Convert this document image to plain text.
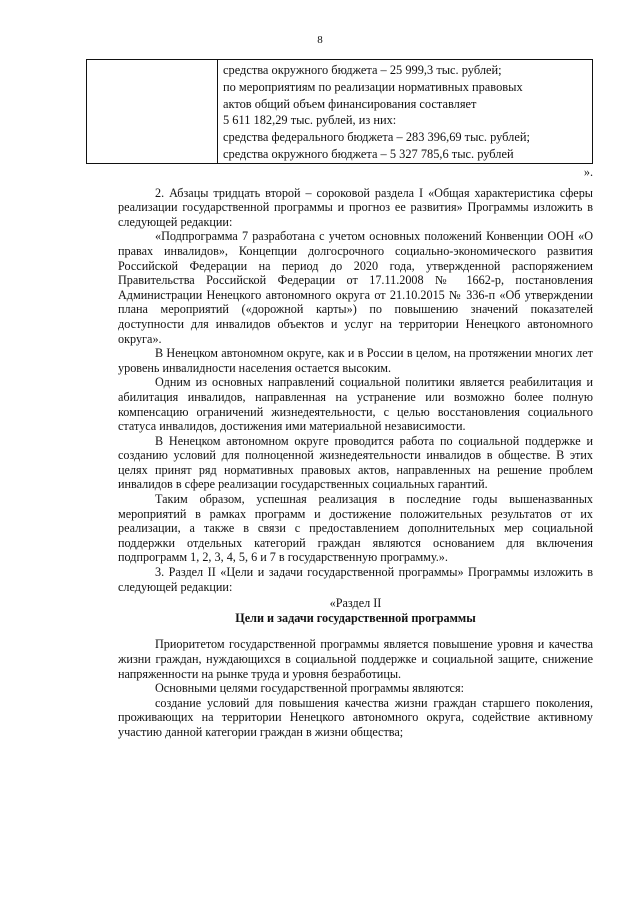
8
средства окружного бюджета – 25 999,3 тыс. рублей;
по мероприятиям по реализации нормативных правовых
актов общий объем финансирования составляет
5 611 182,29 тыс. рублей, из них:
средства федерального бюджета – 283 396,69 тыс. рублей;
средства окружного бюджета – 5 327 785,6 тыс. рублей
».

2. Абзацы тридцать второй – сороковой раздела I «Общая характеристика сферы реализации государственной программы и прогноз ее развития» Программы изложить в следующей редакции:

«Подпрограмма 7 разработана с учетом основных положений Конвенции ООН «О правах инвалидов», Концепции долгосрочного социально-экономического развития Российской Федерации на период до 2020 года, утвержденной распоряжением Правительства Российской Федерации от 17.11.2008 № 1662-р, постановления Администрации Ненецкого автономного округа от 21.10.2015 № 336-п «Об утверждении плана мероприятий («дорожной карты») по повышению значений показателей доступности для инвалидов объектов и услуг на территории Ненецкого автономного округа».

В Ненецком автономном округе, как и в России в целом, на протяжении многих лет уровень инвалидности населения остается высоким.

Одним из основных направлений социальной политики является реабилитация и абилитация инвалидов, направленная на устранение или возможно более полную компенсацию ограничений жизнедеятельности, с целью восстановления социального статуса инвалидов, достижения ими материальной независимости.

В Ненецком автономном округе проводится работа по социальной поддержке и созданию условий для полноценной жизнедеятельности инвалидов в обществе. В этих целях принят ряд нормативных правовых актов, направленных на решение проблем инвалидов в сфере реализации государственных социальных гарантий.

Таким образом, успешная реализация в последние годы вышеназванных мероприятий в рамках программ и достижение положительных результатов от их реализации, а также в связи с предоставлением дополнительных мер социальной поддержки отдельных категорий граждан являются основанием для включения подпрограмм 1, 2, 3, 4, 5, 6 и 7 в государственную программу.».

3. Раздел II «Цели и задачи государственной программы» Программы изложить в следующей редакции:

«Раздел II

Цели и задачи государственной программы

Приоритетом государственной программы является повышение уровня и качества жизни граждан, нуждающихся в социальной поддержке и социальной защите, снижение напряженности на рынке труда и уровня безработицы.

Основными целями государственной программы являются:

создание условий для повышения качества жизни граждан старшего поколения, проживающих на территории Ненецкого автономного округа, содействие активному участию данной категории граждан в жизни общества;
